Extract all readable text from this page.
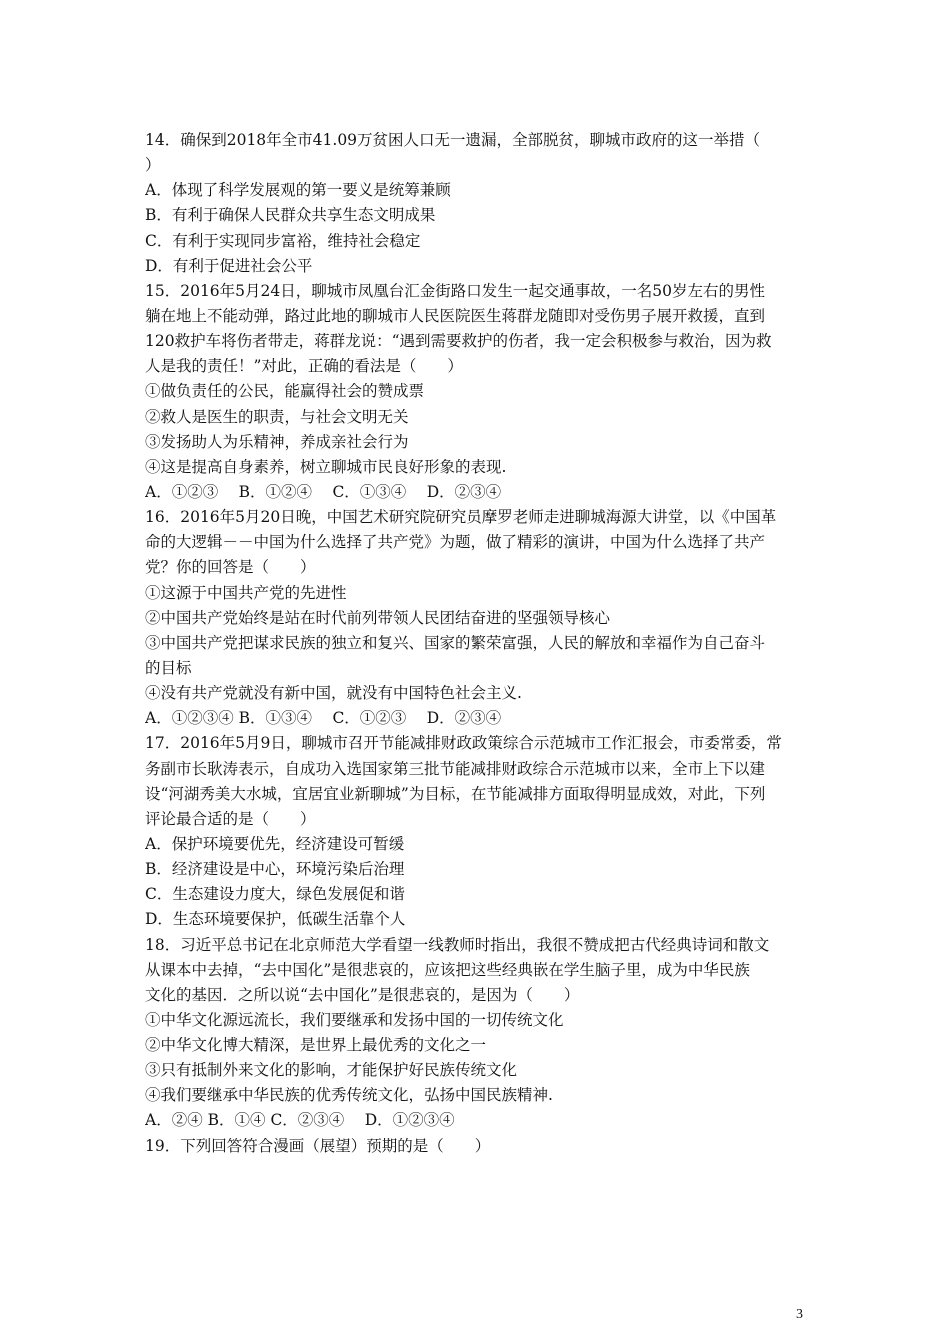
14．确保到2018年全市41.09万贫困人口无一遗漏，全部脱贫，聊城市政府的这一举措（
）
A．体现了科学发展观的第一要义是统筹兼顾
B．有利于确保人民群众共享生态文明成果
C．有利于实现同步富裕，维持社会稳定
D．有利于促进社会公平
15．2016年5月24日，聊城市凤凰台汇金街路口发生一起交通事故，一名50岁左右的男性
躺在地上不能动弹，路过此地的聊城市人民医院医生蒋群龙随即对受伤男子展开救援，直到
120救护车将伤者带走，蒋群龙说：“遇到需要救护的伤者，我一定会积极参与救治，因为救
人是我的责任！”对此，正确的看法是（　　）
①做负责任的公民，能赢得社会的赞成票
②救人是医生的职责，与社会文明无关
③发扬助人为乐精神，养成亲社会行为
④这是提高自身素养，树立聊城市民良好形象的表现.
A．①②③　 B．①②④　 C．①③④　 D．②③④
16．2016年5月20日晚，中国艺术研究院研究员摩罗老师走进聊城海源大讲堂，以《中国革
命的大逻辑－－中国为什么选择了共产党》为题，做了精彩的演讲，中国为什么选择了共产
党？你的回答是（　　）
①这源于中国共产党的先进性
②中国共产党始终是站在时代前列带领人民团结奋进的坚强领导核心
③中国共产党把谋求民族的独立和复兴、国家的繁荣富强，人民的解放和幸福作为自己奋斗
的目标
④没有共产党就没有新中国，就没有中国特色社会主义.
A．①②③④ B．①③④　 C．①②③　 D．②③④
17．2016年5月9日，聊城市召开节能减排财政政策综合示范城市工作汇报会，市委常委，常
务副市长耿涛表示，自成功入选国家第三批节能减排财政综合示范城市以来，全市上下以建
设“河湖秀美大水城，宜居宜业新聊城”为目标，在节能减排方面取得明显成效，对此，下列
评论最合适的是（　　）
A．保护环境要优先，经济建设可暂缓
B．经济建设是中心，环境污染后治理
C．生态建设力度大，绿色发展促和谐
D．生态环境要保护，低碳生活靠个人
18．习近平总书记在北京师范大学看望一线教师时指出，我很不赞成把古代经典诗词和散文
从课本中去掉，“去中国化”是很悲哀的，应该把这些经典嵌在学生脑子里，成为中华民族
文化的基因．之所以说“去中国化”是很悲哀的，是因为（　　）
①中华文化源远流长，我们要继承和发扬中国的一切传统文化
②中华文化博大精深，是世界上最优秀的文化之一
③只有抵制外来文化的影响，才能保护好民族传统文化
④我们要继承中华民族的优秀传统文化，弘扬中国民族精神.
A．②④ B．①④ C．②③④　 D．①②③④
19．下列回答符合漫画（展望）预期的是（　　）
3
